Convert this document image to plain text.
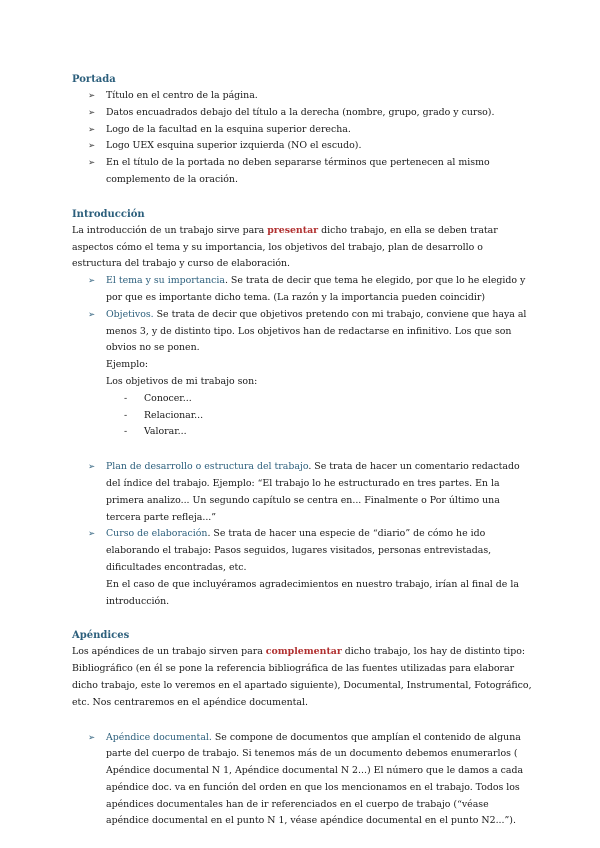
Portada
➢ Título en el centro de la página.
➢ Datos encuadrados debajo del título a la derecha (nombre, grupo, grado y curso).
➢ Logo de la facultad en la esquina superior derecha.
➢ Logo UEX esquina superior izquierda (NO el escudo).
➢ En el título de la portada no deben separarse términos que pertenecen al mismo complemento de la oración.
Introducción

La introducción de un trabajo sirve para presentar dicho trabajo, en ella se deben tratar aspectos cómo el tema y su importancia, los objetivos del trabajo, plan de desarrollo o estructura del trabajo y curso de elaboración.

➢ El tema y su importancia. Se trata de decir que tema he elegido, por que lo he elegido y por que es importante dicho tema. (La razón y la importancia pueden coincidir)
➢ Objetivos. Se trata de decir que objetivos pretendo con mi trabajo, conviene que haya al menos 3, y de distinto tipo. Los objetivos han de redactarse en infinitivo. Los que son obvios no se ponen.
Ejemplo:
Los objetivos de mi trabajo son:
- Conocer...
- Relacionar...
- Valorar...
➢ Plan de desarrollo o estructura del trabajo. Se trata de hacer un comentario redactado del índice del trabajo. Ejemplo: “El trabajo lo he estructurado en tres partes. En la primera analizo... Un segundo capítulo se centra en... Finalmente o Por último una tercera parte refleja...”
➢ Curso de elaboración. Se trata de hacer una especie de “diario” de cómo he ido elaborando el trabajo: Pasos seguidos, lugares visitados, personas entrevistadas, dificultades encontradas, etc.
En el caso de que incluyéramos agradecimientos en nuestro trabajo, irían al final de la introducción.
Apéndices

Los apéndices de un trabajo sirven para complementar dicho trabajo, los hay de distinto tipo: Bibliográfico (en él se pone la referencia bibliográfica de las fuentes utilizadas para elaborar dicho trabajo, este lo veremos en el apartado siguiente), Documental, Instrumental, Fotográfico, etc. Nos centraremos en el apéndice documental.

➢ Apéndice documental. Se compone de documentos que amplían el contenido de alguna parte del cuerpo de trabajo. Si tenemos más de un documento debemos enumerarlos ( Apéndice documental N 1, Apéndice documental N 2...) El número que le damos a cada apéndice doc. va en función del orden en que los mencionamos en el trabajo. Todos los apéndices documentales han de ir referenciados en el cuerpo de trabajo (“véase apéndice documental en el punto N 1, véase apéndice documental en el punto N2...”).
